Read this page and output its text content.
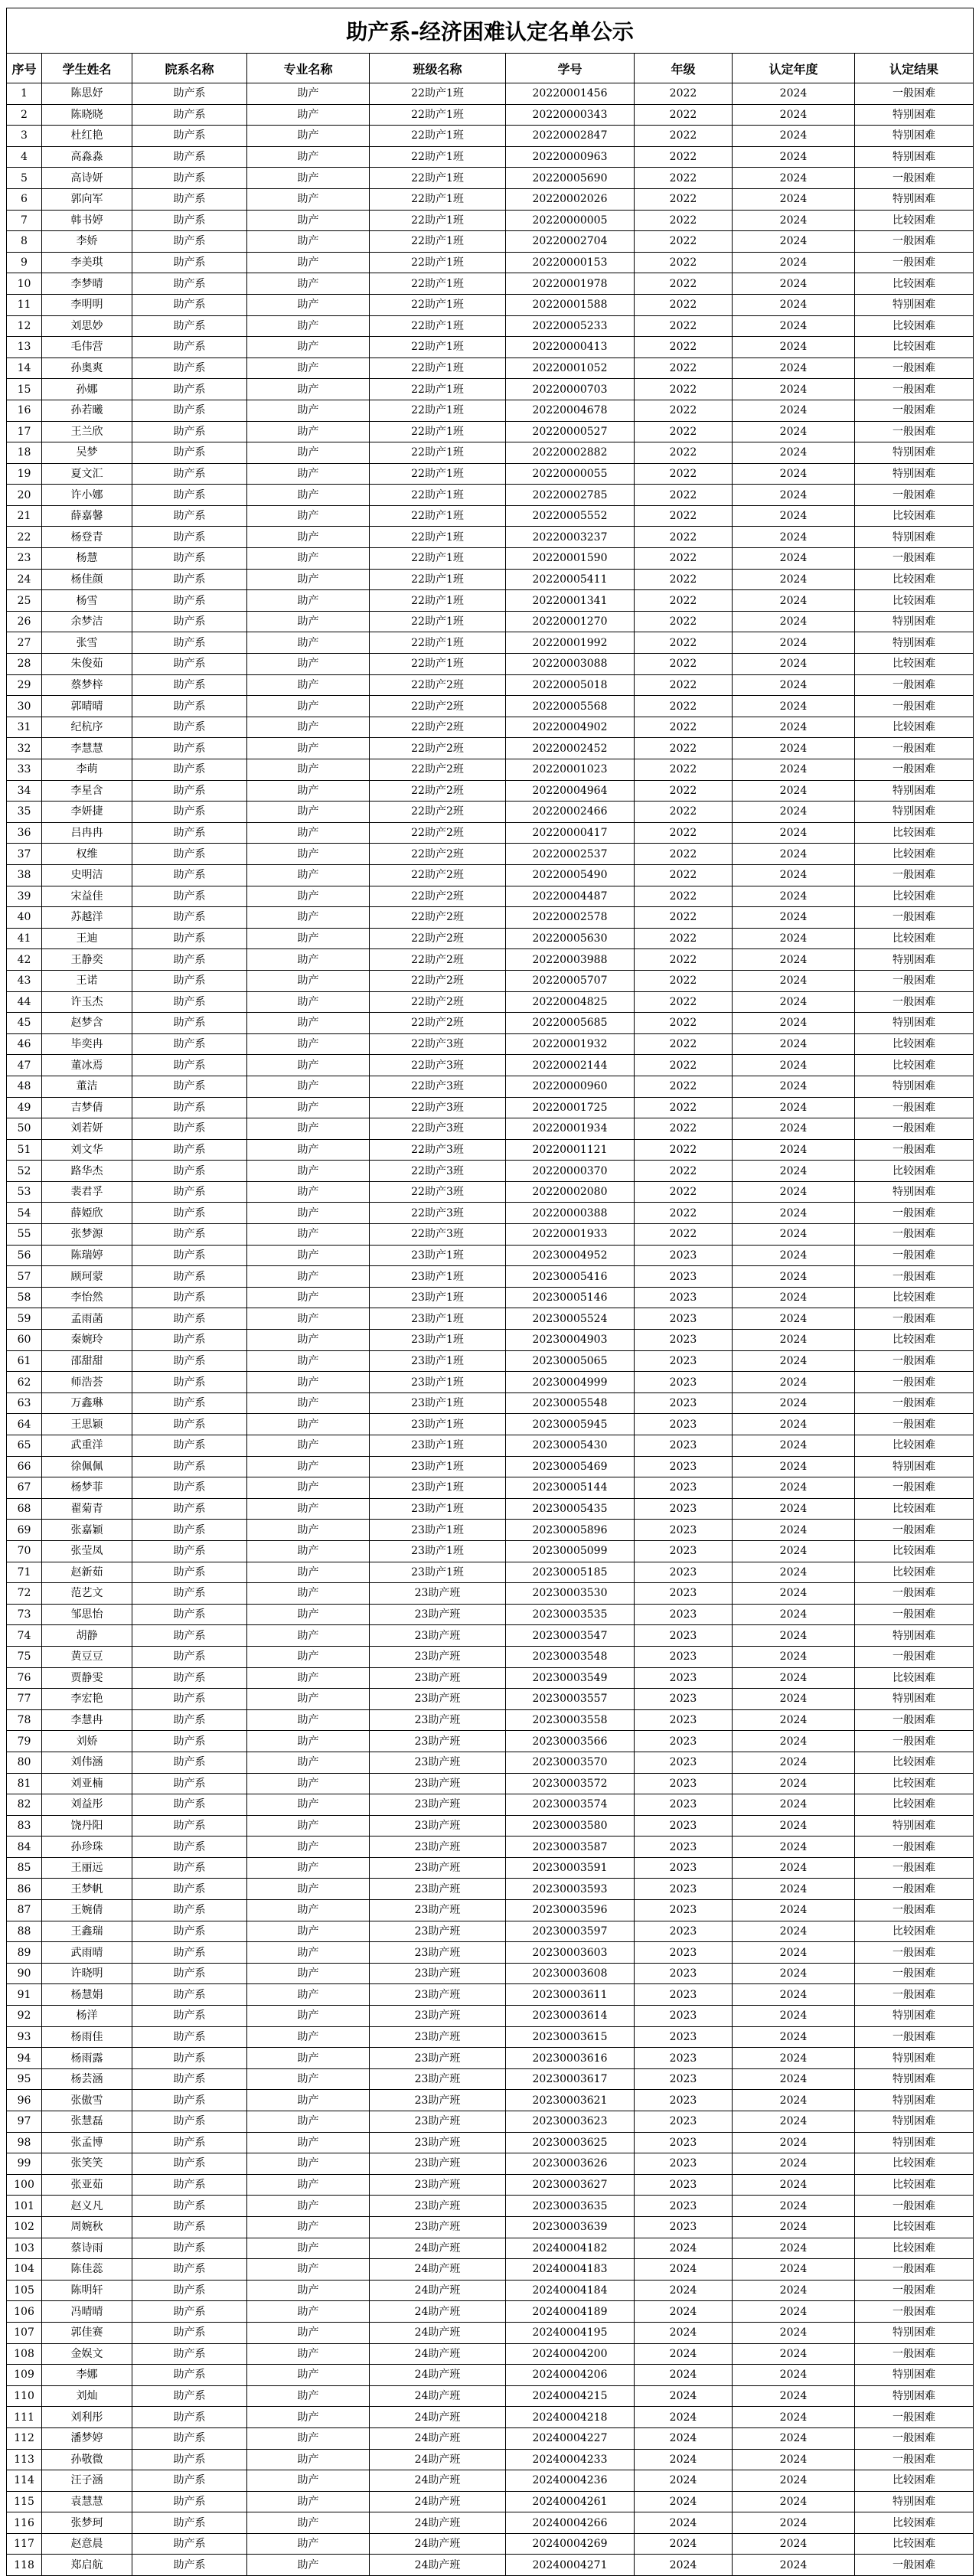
助产系-经济困难认定名单公示								
序号	学生姓名	院系名称	专业名称	班级名称	学号	年级	认定年度	认定结果
1	陈思妤	助产系	助产	22助产1班	20220001456	2022	2024	一般困难
2	陈晓晓	助产系	助产	22助产1班	20220000343	2022	2024	特别困难
3	杜红艳	助产系	助产	22助产1班	20220002847	2022	2024	特别困难
4	高淼淼	助产系	助产	22助产1班	20220000963	2022	2024	特别困难
5	高诗妍	助产系	助产	22助产1班	20220005690	2022	2024	一般困难
6	郭向军	助产系	助产	22助产1班	20220002026	2022	2024	特别困难
7	韩书婷	助产系	助产	22助产1班	20220000005	2022	2024	比较困难
8	李娇	助产系	助产	22助产1班	20220002704	2022	2024	一般困难
9	李美琪	助产系	助产	22助产1班	20220000153	2022	2024	一般困难
10	李梦晴	助产系	助产	22助产1班	20220001978	2022	2024	比较困难
11	李明明	助产系	助产	22助产1班	20220001588	2022	2024	特别困难
12	刘思妙	助产系	助产	22助产1班	20220005233	2022	2024	比较困难
13	毛伟营	助产系	助产	22助产1班	20220000413	2022	2024	比较困难
14	孙奥爽	助产系	助产	22助产1班	20220001052	2022	2024	一般困难
15	孙娜	助产系	助产	22助产1班	20220000703	2022	2024	一般困难
16	孙若曦	助产系	助产	22助产1班	20220004678	2022	2024	一般困难
17	王兰欣	助产系	助产	22助产1班	20220000527	2022	2024	一般困难
18	吴梦	助产系	助产	22助产1班	20220002882	2022	2024	特别困难
19	夏文汇	助产系	助产	22助产1班	20220000055	2022	2024	特别困难
20	许小娜	助产系	助产	22助产1班	20220002785	2022	2024	一般困难
21	薛嘉馨	助产系	助产	22助产1班	20220005552	2022	2024	比较困难
22	杨登青	助产系	助产	22助产1班	20220003237	2022	2024	特别困难
23	杨慧	助产系	助产	22助产1班	20220001590	2022	2024	一般困难
24	杨佳颜	助产系	助产	22助产1班	20220005411	2022	2024	比较困难
25	杨雪	助产系	助产	22助产1班	20220001341	2022	2024	比较困难
26	余梦洁	助产系	助产	22助产1班	20220001270	2022	2024	特别困难
27	张雪	助产系	助产	22助产1班	20220001992	2022	2024	特别困难
28	朱俊茹	助产系	助产	22助产1班	20220003088	2022	2024	比较困难
29	蔡梦梓	助产系	助产	22助产2班	20220005018	2022	2024	一般困难
30	郭晴晴	助产系	助产	22助产2班	20220005568	2022	2024	一般困难
31	纪杭序	助产系	助产	22助产2班	20220004902	2022	2024	比较困难
32	李慧慧	助产系	助产	22助产2班	20220002452	2022	2024	一般困难
33	李萌	助产系	助产	22助产2班	20220001023	2022	2024	一般困难
34	李星含	助产系	助产	22助产2班	20220004964	2022	2024	特别困难
35	李妍捷	助产系	助产	22助产2班	20220002466	2022	2024	特别困难
36	吕冉冉	助产系	助产	22助产2班	20220000417	2022	2024	比较困难
37	权维	助产系	助产	22助产2班	20220002537	2022	2024	比较困难
38	史明洁	助产系	助产	22助产2班	20220005490	2022	2024	一般困难
39	宋益佳	助产系	助产	22助产2班	20220004487	2022	2024	比较困难
40	苏越洋	助产系	助产	22助产2班	20220002578	2022	2024	一般困难
41	王迪	助产系	助产	22助产2班	20220005630	2022	2024	比较困难
42	王静奕	助产系	助产	22助产2班	20220003988	2022	2024	特别困难
43	王诺	助产系	助产	22助产2班	20220005707	2022	2024	一般困难
44	许玉杰	助产系	助产	22助产2班	20220004825	2022	2024	一般困难
45	赵梦含	助产系	助产	22助产2班	20220005685	2022	2024	特别困难
46	毕奕冉	助产系	助产	22助产3班	20220001932	2022	2024	比较困难
47	董冰焉	助产系	助产	22助产3班	20220002144	2022	2024	比较困难
48	董洁	助产系	助产	22助产3班	20220000960	2022	2024	特别困难
49	吉梦倩	助产系	助产	22助产3班	20220001725	2022	2024	一般困难
50	刘若妍	助产系	助产	22助产3班	20220001934	2022	2024	一般困难
51	刘文华	助产系	助产	22助产3班	20220001121	2022	2024	一般困难
52	路华杰	助产系	助产	22助产3班	20220000370	2022	2024	比较困难
53	裴君孚	助产系	助产	22助产3班	20220002080	2022	2024	特别困难
54	薛婭欣	助产系	助产	22助产3班	20220000388	2022	2024	一般困难
55	张梦源	助产系	助产	22助产3班	20220001933	2022	2024	一般困难
56	陈瑞婷	助产系	助产	23助产1班	20230004952	2023	2024	一般困难
57	顾珂蒙	助产系	助产	23助产1班	20230005416	2023	2024	一般困难
58	李怡然	助产系	助产	23助产1班	20230005146	2023	2024	比较困难
59	孟雨菡	助产系	助产	23助产1班	20230005524	2023	2024	一般困难
60	秦婉玲	助产系	助产	23助产1班	20230004903	2023	2024	比较困难
61	邵甜甜	助产系	助产	23助产1班	20230005065	2023	2024	一般困难
62	师浩荟	助产系	助产	23助产1班	20230004999	2023	2024	一般困难
63	万鑫琳	助产系	助产	23助产1班	20230005548	2023	2024	一般困难
64	王思颖	助产系	助产	23助产1班	20230005945	2023	2024	一般困难
65	武重洋	助产系	助产	23助产1班	20230005430	2023	2024	比较困难
66	徐佩佩	助产系	助产	23助产1班	20230005469	2023	2024	特别困难
67	杨梦菲	助产系	助产	23助产1班	20230005144	2023	2024	一般困难
68	翟菊青	助产系	助产	23助产1班	20230005435	2023	2024	比较困难
69	张嘉颖	助产系	助产	23助产1班	20230005896	2023	2024	一般困难
70	张莹凤	助产系	助产	23助产1班	20230005099	2023	2024	比较困难
71	赵新茹	助产系	助产	23助产1班	20230005185	2023	2024	比较困难
72	范艺文	助产系	助产	23助产班	20230003530	2023	2024	一般困难
73	邹思怡	助产系	助产	23助产班	20230003535	2023	2024	一般困难
74	胡静	助产系	助产	23助产班	20230003547	2023	2024	特别困难
75	黄豆豆	助产系	助产	23助产班	20230003548	2023	2024	一般困难
76	贾静雯	助产系	助产	23助产班	20230003549	2023	2024	比较困难
77	李宏艳	助产系	助产	23助产班	20230003557	2023	2024	特别困难
78	李慧冉	助产系	助产	23助产班	20230003558	2023	2024	一般困难
79	刘娇	助产系	助产	23助产班	20230003566	2023	2024	一般困难
80	刘伟涵	助产系	助产	23助产班	20230003570	2023	2024	比较困难
81	刘亚楠	助产系	助产	23助产班	20230003572	2023	2024	比较困难
82	刘益彤	助产系	助产	23助产班	20230003574	2023	2024	比较困难
83	饶丹阳	助产系	助产	23助产班	20230003580	2023	2024	特别困难
84	孙珍珠	助产系	助产	23助产班	20230003587	2023	2024	一般困难
85	王丽远	助产系	助产	23助产班	20230003591	2023	2024	一般困难
86	王梦帆	助产系	助产	23助产班	20230003593	2023	2024	一般困难
87	王婉倩	助产系	助产	23助产班	20230003596	2023	2024	一般困难
88	王鑫瑞	助产系	助产	23助产班	20230003597	2023	2024	比较困难
89	武雨晴	助产系	助产	23助产班	20230003603	2023	2024	一般困难
90	许晓明	助产系	助产	23助产班	20230003608	2023	2024	一般困难
91	杨慧娟	助产系	助产	23助产班	20230003611	2023	2024	一般困难
92	杨洋	助产系	助产	23助产班	20230003614	2023	2024	特别困难
93	杨雨佳	助产系	助产	23助产班	20230003615	2023	2024	一般困难
94	杨雨露	助产系	助产	23助产班	20230003616	2023	2024	特别困难
95	杨芸涵	助产系	助产	23助产班	20230003617	2023	2024	特别困难
96	张傲雪	助产系	助产	23助产班	20230003621	2023	2024	特别困难
97	张慧磊	助产系	助产	23助产班	20230003623	2023	2024	特别困难
98	张孟博	助产系	助产	23助产班	20230003625	2023	2024	特别困难
99	张笑笑	助产系	助产	23助产班	20230003626	2023	2024	比较困难
100	张亚茹	助产系	助产	23助产班	20230003627	2023	2024	比较困难
101	赵义凡	助产系	助产	23助产班	20230003635	2023	2024	一般困难
102	周婉秋	助产系	助产	23助产班	20230003639	2023	2024	比较困难
103	蔡诗雨	助产系	助产	24助产班	20240004182	2024	2024	比较困难
104	陈佳蕊	助产系	助产	24助产班	20240004183	2024	2024	一般困难
105	陈明轩	助产系	助产	24助产班	20240004184	2024	2024	一般困难
106	冯晴晴	助产系	助产	24助产班	20240004189	2024	2024	一般困难
107	郭佳赛	助产系	助产	24助产班	20240004195	2024	2024	特别困难
108	金娱文	助产系	助产	24助产班	20240004200	2024	2024	一般困难
109	李娜	助产系	助产	24助产班	20240004206	2024	2024	特别困难
110	刘灿	助产系	助产	24助产班	20240004215	2024	2024	特别困难
111	刘利彤	助产系	助产	24助产班	20240004218	2024	2024	一般困难
112	潘梦婷	助产系	助产	24助产班	20240004227	2024	2024	一般困难
113	孙敬微	助产系	助产	24助产班	20240004233	2024	2024	一般困难
114	汪子涵	助产系	助产	24助产班	20240004236	2024	2024	比较困难
115	袁慧慧	助产系	助产	24助产班	20240004261	2024	2024	特别困难
116	张梦珂	助产系	助产	24助产班	20240004266	2024	2024	比较困难
117	赵意晨	助产系	助产	24助产班	20240004269	2024	2024	比较困难
118	郑启航	助产系	助产	24助产班	20240004271	2024	2024	一般困难
